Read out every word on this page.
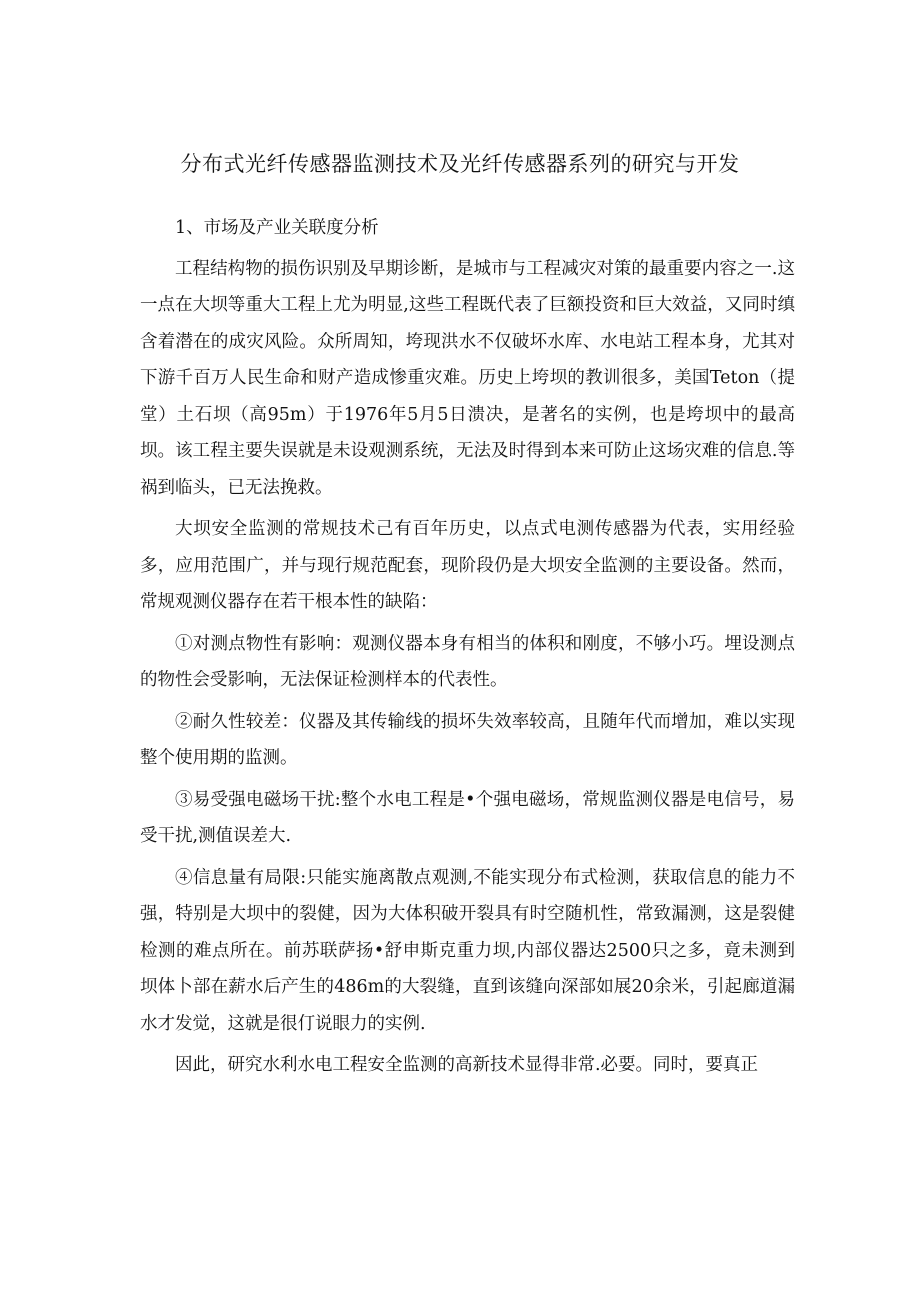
分布式光纤传感器监测技术及光纤传感器系列的研究与开发

1、市场及产业关联度分析

工程结构物的损伤识别及早期诊断，是城市与工程减灾对策的最重要内容之一.这一点在大坝等重大工程上尤为明显,这些工程既代表了巨额投资和巨大效益，又同时缜含着潜在的成灾风险。众所周知，垮现洪水不仅破坏水库、水电站工程本身，尤其对下游千百万人民生命和财产造成惨重灾难。历史上垮坝的教训很多，美国Teton（提堂）土石坝（高95m）于1976年5月5日溃决，是著名的实例，也是垮坝中的最高坝。该工程主要失误就是未设观测系统，无法及时得到本来可防止这场灾难的信息.等祸到临头，已无法挽救。

大坝安全监测的常规技术己有百年历史，以点式电测传感器为代表，实用经验多，应用范围广，并与现行规范配套，现阶段仍是大坝安全监测的主要设备。然而，常规观测仪器存在若干根本性的缺陷：

①对测点物性有影响：观测仪器本身有相当的体积和刚度，不够小巧。埋设测点的物性会受影响，无法保证检测样本的代表性。

②耐久性较差：仪器及其传输线的损坏失效率较高，且随年代而增加，难以实现整个使用期的监测。

③易受强电磁场干扰:整个水电工程是•个强电磁场，常规监测仪器是电信号，易受干扰,测值误差大.

④信息量有局限:只能实施离散点观测,不能实现分布式检测，获取信息的能力不强，特别是大坝中的裂健，因为大体积破开裂具有时空随机性，常致漏测，这是裂健检测的难点所在。前苏联萨扬•舒申斯克重力坝,内部仪器达2500只之多，竟未测到坝体卜部在薪水后产生的486m的大裂缝，直到该缝向深部如展20余米，引起廊道漏水才发觉，这就是很仃说眼力的实例.

因此，研究水利水电工程安全监测的高新技术显得非常.必要。同时，要真正
